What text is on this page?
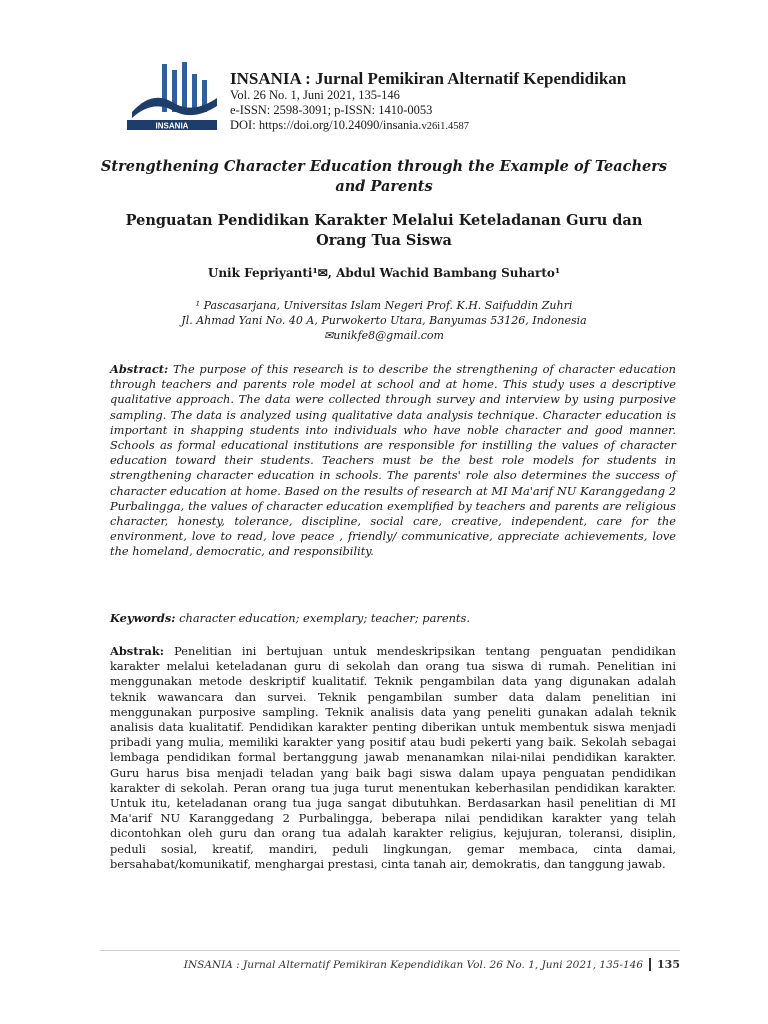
INSANIA
INSANIA : Jurnal Pemikiran Alternatif Kependidikan
Vol. 26 No. 1, Juni 2021, 135-146
e-ISSN: 2598-3091; p-ISSN: 1410-0053
DOI: https://doi.org/10.24090/insania.v26i1.4587
Strengthening Character Education through the Example of Teachers and Parents
Penguatan Pendidikan Karakter Melalui Keteladanan Guru dan Orang Tua Siswa
Unik Fepriyanti¹✉, Abdul Wachid Bambang Suharto¹
¹ Pascasarjana, Universitas Islam Negeri Prof. K.H. Saifuddin Zuhri
Jl. Ahmad Yani No. 40 A, Purwokerto Utara, Banyumas 53126, Indonesia
✉unikfe8@gmail.com
Abstract: The purpose of this research is to describe the strengthening of character education through teachers and parents role model at school and at home. This study uses a descriptive qualitative approach. The data were collected through survey and interview by using purposive sampling. The data is analyzed using qualitative data analysis technique. Character education is important in shapping students into individuals who have noble character and good manner. Schools as formal educational institutions are responsible for instilling the values of character education toward their students. Teachers must be the best role models for students in strengthening character education in schools. The parents' role also determines the success of character education at home. Based on the results of research at MI Ma'arif NU Karanggedang 2 Purbalingga, the values of character education exemplified by teachers and parents are religious character, honesty, tolerance, discipline, social care, creative, independent, care for the environment, love to read, love peace , friendly/ communicative, appreciate achievements, love the homeland, democratic, and responsibility.
Keywords: character education; exemplary; teacher; parents.
Abstrak: Penelitian ini bertujuan untuk mendeskripsikan tentang penguatan pendidikan karakter melalui keteladanan guru di sekolah dan orang tua siswa di rumah. Penelitian ini menggunakan metode deskriptif kualitatif. Teknik pengambilan data yang digunakan adalah teknik wawancara dan survei. Teknik pengambilan sumber data dalam penelitian ini menggunakan purposive sampling. Teknik analisis data yang peneliti gunakan adalah teknik analisis data kualitatif. Pendidikan karakter penting diberikan untuk membentuk siswa menjadi pribadi yang mulia, memiliki karakter yang positif atau budi pekerti yang baik. Sekolah sebagai lembaga pendidikan formal bertanggung jawab menanamkan nilai-nilai pendidikan karakter. Guru harus bisa menjadi teladan yang baik bagi siswa dalam upaya penguatan pendidikan karakter di sekolah. Peran orang tua juga turut menentukan keberhasilan pendidikan karakter. Untuk itu, keteladanan orang tua juga sangat dibutuhkan. Berdasarkan hasil penelitian di MI Ma'arif NU Karanggedang 2 Purbalingga, beberapa nilai pendidikan karakter yang telah dicontohkan oleh guru dan orang tua adalah karakter religius, kejujuran, toleransi, disiplin, peduli sosial, kreatif, mandiri, peduli lingkungan, gemar membaca, cinta damai, bersahabat/komunikatif, menghargai prestasi, cinta tanah air, demokratis, dan tanggung jawab.
INSANIA : Jurnal Alternatif Pemikiran Kependidikan Vol. 26 No. 1, Juni 2021, 135-146 135
